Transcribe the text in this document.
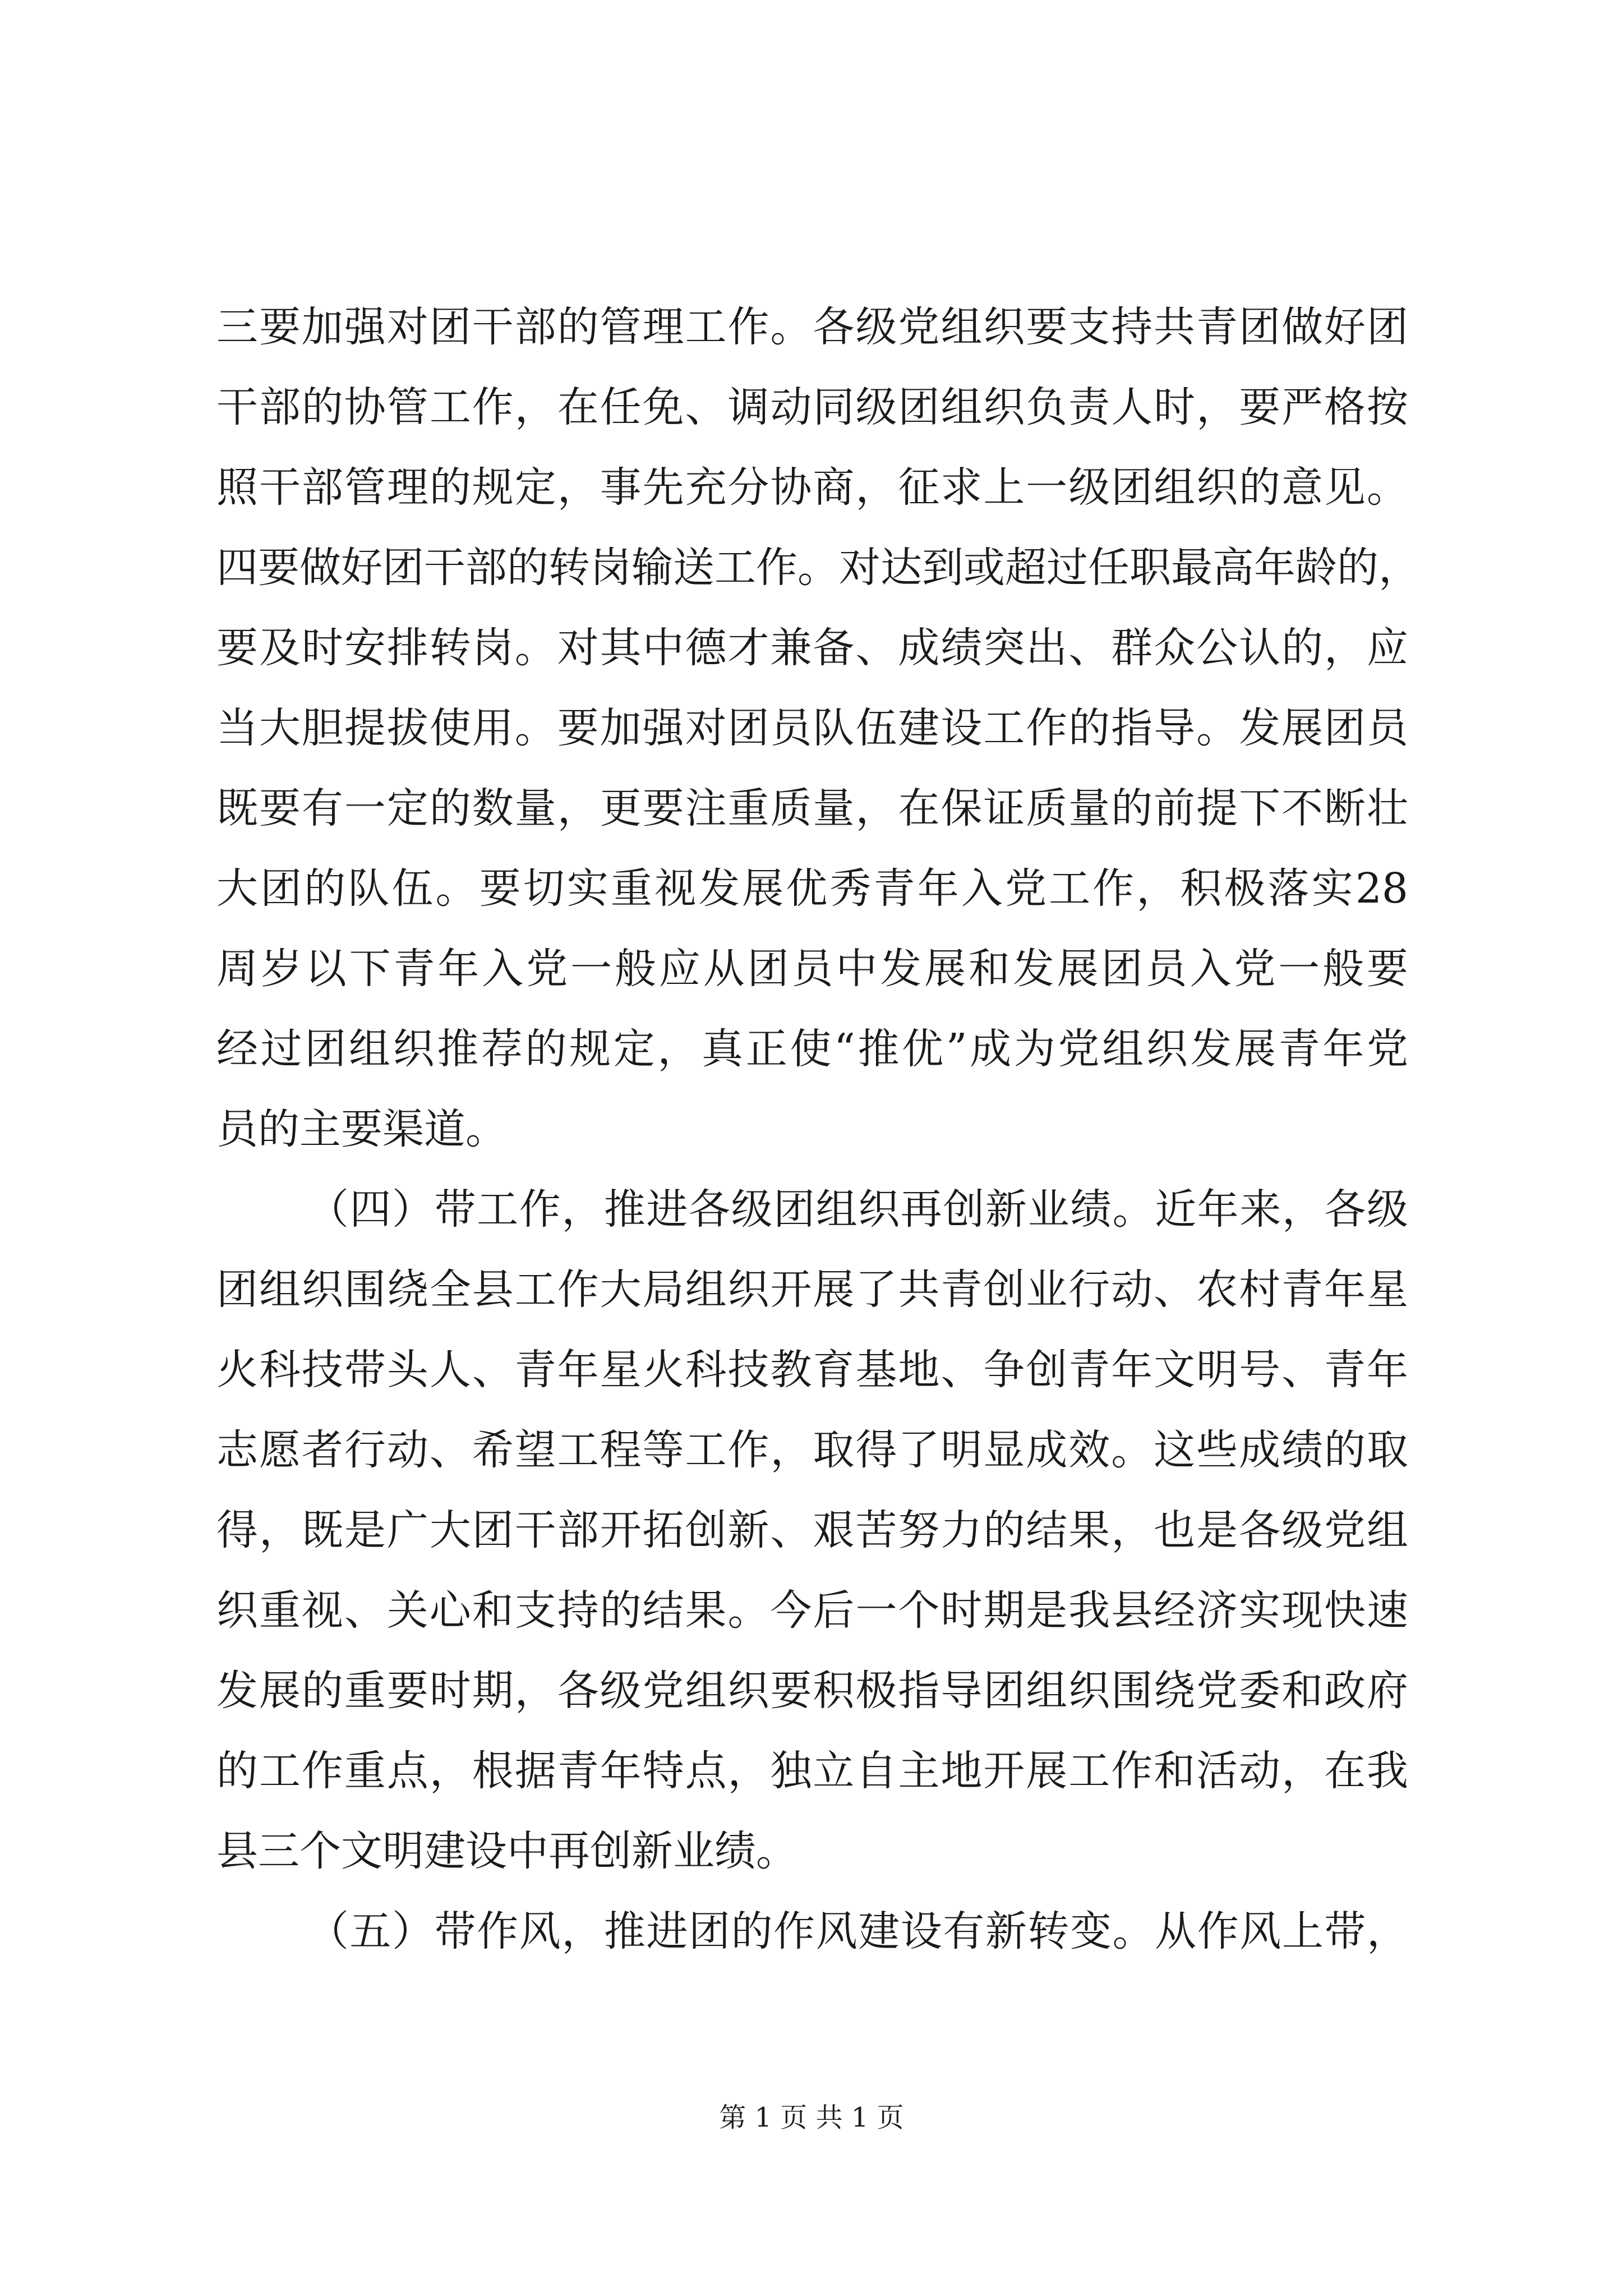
三要加强对团干部的管理工作。各级党组织要支持共青团做好团
干部的协管工作，在任免、调动同级团组织负责人时，要严格按
照干部管理的规定，事先充分协商，征求上一级团组织的意见。
四要做好团干部的转岗输送工作。对达到或超过任职最高年龄的，
要及时安排转岗。对其中德才兼备、成绩突出、群众公认的，应
当大胆提拔使用。要加强对团员队伍建设工作的指导。发展团员
既要有一定的数量，更要注重质量，在保证质量的前提下不断壮
大团的队伍。要切实重视发展优秀青年入党工作，积极落实28
周岁以下青年入党一般应从团员中发展和发展团员入党一般要
经过团组织推荐的规定，真正使“推优”成为党组织发展青年党
员的主要渠道。
（四）带工作，推进各级团组织再创新业绩。近年来，各级
团组织围绕全县工作大局组织开展了共青创业行动、农村青年星
火科技带头人、青年星火科技教育基地、争创青年文明号、青年
志愿者行动、希望工程等工作，取得了明显成效。这些成绩的取
得，既是广大团干部开拓创新、艰苦努力的结果，也是各级党组
织重视、关心和支持的结果。今后一个时期是我县经济实现快速
发展的重要时期，各级党组织要积极指导团组织围绕党委和政府
的工作重点，根据青年特点，独立自主地开展工作和活动，在我
县三个文明建设中再创新业绩。
（五）带作风，推进团的作风建设有新转变。从作风上带，
第 1 页 共 1 页
